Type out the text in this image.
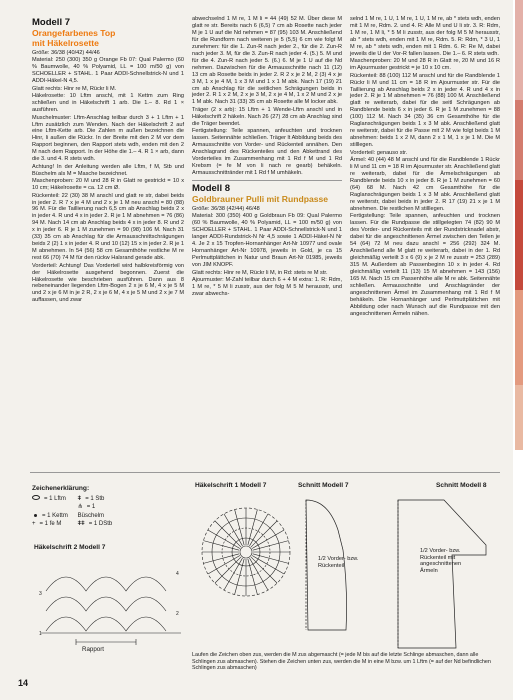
Modell 7
Orangefarbenes Top
mit Häkelrosette

Größe: 36/38 (40/42) 44/46

Material: 250 (300) 350 g Orange Fb 07: Qual Palermo (60 % Baumwolle, 40 % Polyamid, LL = 100 m/50 g) von SCHOELLER + STAHL. 1 Paar ADDI-Schnellstrick-N und 1 ADDI-Häkel-N 4,5.

Glatt rechts: Hinr re M, Rückr li M.

Häkelrosette: 10 Lftm anschl, mit 1 Kettm zum Ring schließen und in Häkelschrift 1 arb. Die 1.– 8. Rd 1 × ausführen.

Muschelmuster: Lftm-Anschlag teilbar durch 3 + 1 Lftm + 1 Lftm zusätzlich zum Wenden. Nach der Häkelschrift 2 auf eine Lftm-Kette arb. Die Zahlen m außen bezeichnen die Hinr, li außen die Rückr. In der Breite mit den 2 M vor dem Rapport beginnen, den Rapport stets wdh, enden mit den 2 M nach dem Rapport. In der Höhe die 1.– 4. R 1 × arb, dann die 3. und 4. R stets wdh.

Achtung! In der Anleitung werden alle Lftm, f M, Stb und Büschelm als M = Masche bezeichnet.

Maschenproben: 20 M und 28 R in Glatt re gestrickt = 10 x 10 cm; Häkelrosette = ca. 12 cm Ø.

Rückenteil: 22 (30) 38 M anschl und glatt re str, dabei beids in jeder 2. R 7 x je 4 M und 2 x je 1 M neu anschl = 80 (88) 96 M. Für die Taillierung nach 6,5 cm ab Anschlag beids 2 x in jeder 4. R und 4 x in jeder 2. R je 1 M abnehmen = 76 (86) 94 M. Nach 14 cm ab Anschlag beids 4 x in jeder 8. R und 2 x in jeder 6. R je 1 M zunehmen = 90 (98) 106 M. Nach 31 (33) 35 cm ab Anschlag für die Armausschnittschrägungen beids 2 (2) 1 x in jeder 4. R und 10 (12) 15 x in jeder 2. R je 1 M abnehmen. In 54 (56) 58 cm Gesamthöhe restliche M re rest 66 (70) 74 M für den rückw Halsrand gerade abk.

Vorderteil: Achtung! Das Vorderteil wird halbkreisförmig von der Häkelrosette ausgehend begonnen. Zuerst die Häkelrosette wie beschrieben ausführen. Dann aus 8 nebeneinander liegenden Lftm-Bogen 2 x je 6 M, 4 x je 5 M und 2 x je 6 M in je 2 R, 2 x je 6 M, 4 x je 5 M und 2 x je 7 M auffassen, und zwar

abwechselnd 1 M re, 1 M li = 44 (49) 52 M. Über diese M glatt re str. Bereits nach 6 (6,5) 7 cm ab Rosette nach jeder M je 1 U auf die Nd nehmen = 87 (95) 103 M. Anschließend für die Rundform nach weiteren je 5 (5,5) 6 cm wie folgt M zunehmen: für die 1. Zun-R nach jeder 2., für die 2. Zun-R nach jeder 3. M, für die 3. Zun-R nach jeder 4. (5.) 5. M und für die 4. Zun-R nach jeder 5. (6.) 6. M je 1 U auf die Nd nehmen. Dazwischen für die Armausschnitte nach 11 (12) 13 cm ab Rosette beids in jeder 2. R 2 x je 2 M, 2 (3) 4 x je 3 M, 1 x je 4 M, 1 x 3 M und 1 x 1 M abk. Nach 17 (19) 21 cm ab Anschlag für die seitlichen Schrägungen beids in jeder 2. R 1 x 2 M, 2 x je 3 M, 2 x je 4 M, 1 x 2 M und 2 x je 1 M abk. Nach 31 (33) 35 cm ab Rosette alle M locker abk.

Träger (2 x arb): 15 Lftm + 1 Wende-Lftm anschl und in Häkelschrift 2 häkeln. Nach 26 (27) 28 cm ab Anschlag sind die Träger beendet.

Fertigstellung: Teile spannen, anfeuchten und trocknen lassen. Seitennähte schließen. Träger lt Abbildung beids des Armausschnitte von Vorder- und Rückenteil annähen. Den Anschlagrand des Rückenteiles und den Abkettrand des Vorderteiles im Zusammenhang mit 1 Rd f M und 1 Rd Krebsm (= fe M von li nach re gearb) behäkeln. Armausschnittränder mit 1 Rd f M umhäkeln.

Modell 8
Goldbrauner Pulli mit Rundpasse

Größe: 36/38 (42/44) 46/48

Material: 300 (350) 400 g Goldbraun Fb 09: Qual Palermo (60 % Baumwolle, 40 % Polyamid, LL = 100 m/50 g) von SCHOELLER + STAHL. 1 Paar ADDI-Schnellstrick-N und 1 langer ADDI-Rundstrick-N Nr 4,5 sowie 1 ADDI-Häkel-N Nr 4. Je 2 x 15 Tropfen-Hornanhänger Art-Nr 10977 und ovale Hornanhänger Art-Nr 10978, jeweils in Gold, je ca 15 Perlmuttplättchen in Natur und Braun Art-Nr 01985, jeweils von JIM KNOPF.

Glatt rechts: Hinr re M, Rückr li M, in Rd: stets re M str.

Ajourmuster: M-Zahl teilbar durch 6 + 4 M extra: 1. R: Rdm, 1 M re, * 5 M li zusstr, aus der folg M 5 M herausstr, und zwar abwechs-

selnd 1 M re, 1 U, 1 M re, 1 U, 1 M re, ab * stets wdh, enden mit 1 M re, Rdm. 2. und 4. R: Alle M und U li str. 3. R: Rdm, 1 M re, 1 M li, * 5 M li zusstr, aus der folg M 5 M herausstr, ab * stets wdh, enden mit 1 M re, Rdm. 5. R: Rdm, * 3 U, 1 M re, ab * stets wdh, enden mit 1 Rdm. 6. R: Re M, dabei jeweils die U der Vor-R fallen lassen. Die 1.– 6. R stets wdh.

Maschenproben: 20 M und 28 R in Glatt re, 20 M und 16 R im Ajourmuster gestrickt = je 10 x 10 cm.

Rückenteil: 88 (100) 112 M anschl und für die Randblende 1 Rückr li M und 11 cm = 18 R im Ajourmuster str. Für die Taillierung ab Anschlag beids 2 x in jeder 4. R und 4 x in jeder 2. R je 1 M abnehmen = 76 (88) 100 M. Anschließend glatt re weiterarb, dabei für die seitl Schrägungen ab Randblende beids 6 x in jeder 6. R je 1 M zunehmen = 88 (100) 112 M. Nach 34 (35) 36 cm Gesamthöhe für die Raglanschrägungen beids 1 x 3 M abk. Anschließend glatt re weiterstr, dabei für die Passe mit 2 M wie folgt beids 1 M abnehmen: beids 1 x 2 M, dann 2 x 1 M, 1 x je 1 M. Die M stilllegen.

Vorderteil: genauso str.

Ärmel: 40 (44) 48 M anschl und für die Randblende 1 Rückr li M und 11 cm = 18 R im Ajourmuster str. Anschließend glatt re weiterarb, dabei für die Ärmelschrägungen ab Randblende beids 10 x in jeder 8. R je 1 M zunehmen = 60 (64) 68 M. Nach 42 cm Gesamthöhe für die Raglanschrägungen beids 1 x 3 M abk. Anschließend glatt re weiterstr, dabei beids in jeder 2. R 17 (19) 21 x je 1 M abnehmen. Die restlichen M stilllegen.

Fertigstellung: Teile spannen, anfeuchten und trocknen lassen. Für die Rundpasse die stillgelegten 74 (82) 90 M des Vorder- und Rückenteils mit der Rundstricknadel abstr, dabei für die angeschnittenen Ärmel zwischen den Teilen je 54 (64) 72 M neu dazu anschl = 256 (292) 324 M. Anschließend alle M glatt re weiterarb, dabei in der 1. Rd gleichmäßig verteilt 3 x 6 (9) x je 2 M re zusstr = 253 (289) 315 M. Außerdem ab Passenbeginn 10 x in jeder 4. Rd gleichmäßig verteilt 11 (13) 15 M abnehmen = 143 (156) 165 M. Nach 15 cm Passenhöhe alle M re abk. Seitennähte schließen. Armausschnitte und Anschlagränder der angeschnittenen Ärmel im Zusammenhang mit 1 Rd f M behäkeln. Die Hornanhänger und Perlmuttplättchen mit Abbildung oder nach Wunsch auf die Rundpasse mit den angeschnittenen Ärmeln nähen.

Zeichenerklärung:
= 1 Lftm ǂ = 1 Stb
= 1 Kettm ⋔ = 1 Büschelm
+ = 1 fe M	ǂǂ = 1 DStb
Häkelschrift 1 Modell 7
Häkelschrift 2 Modell 7
1
2
3
4
Rapport
Schnitt Modell 7
1/2 Vorder- bzw. Rückenteil
Schnitt Modell 8
1/2 Vorder- bzw. Rückenteil mit angeschnittenen Ärmeln
Laufen die Zeichen oben zus, werden die M zus abgemascht (= jede M bis auf die letzte Schlinge abmaschen, dann alle Schlingen zus abmaschen). Stehen die Zeichen unten zus, werden die M in eine M bzw. um 1 Lftm (= auf der Nd befindlichen Schlingen zus abmaschen)
14
